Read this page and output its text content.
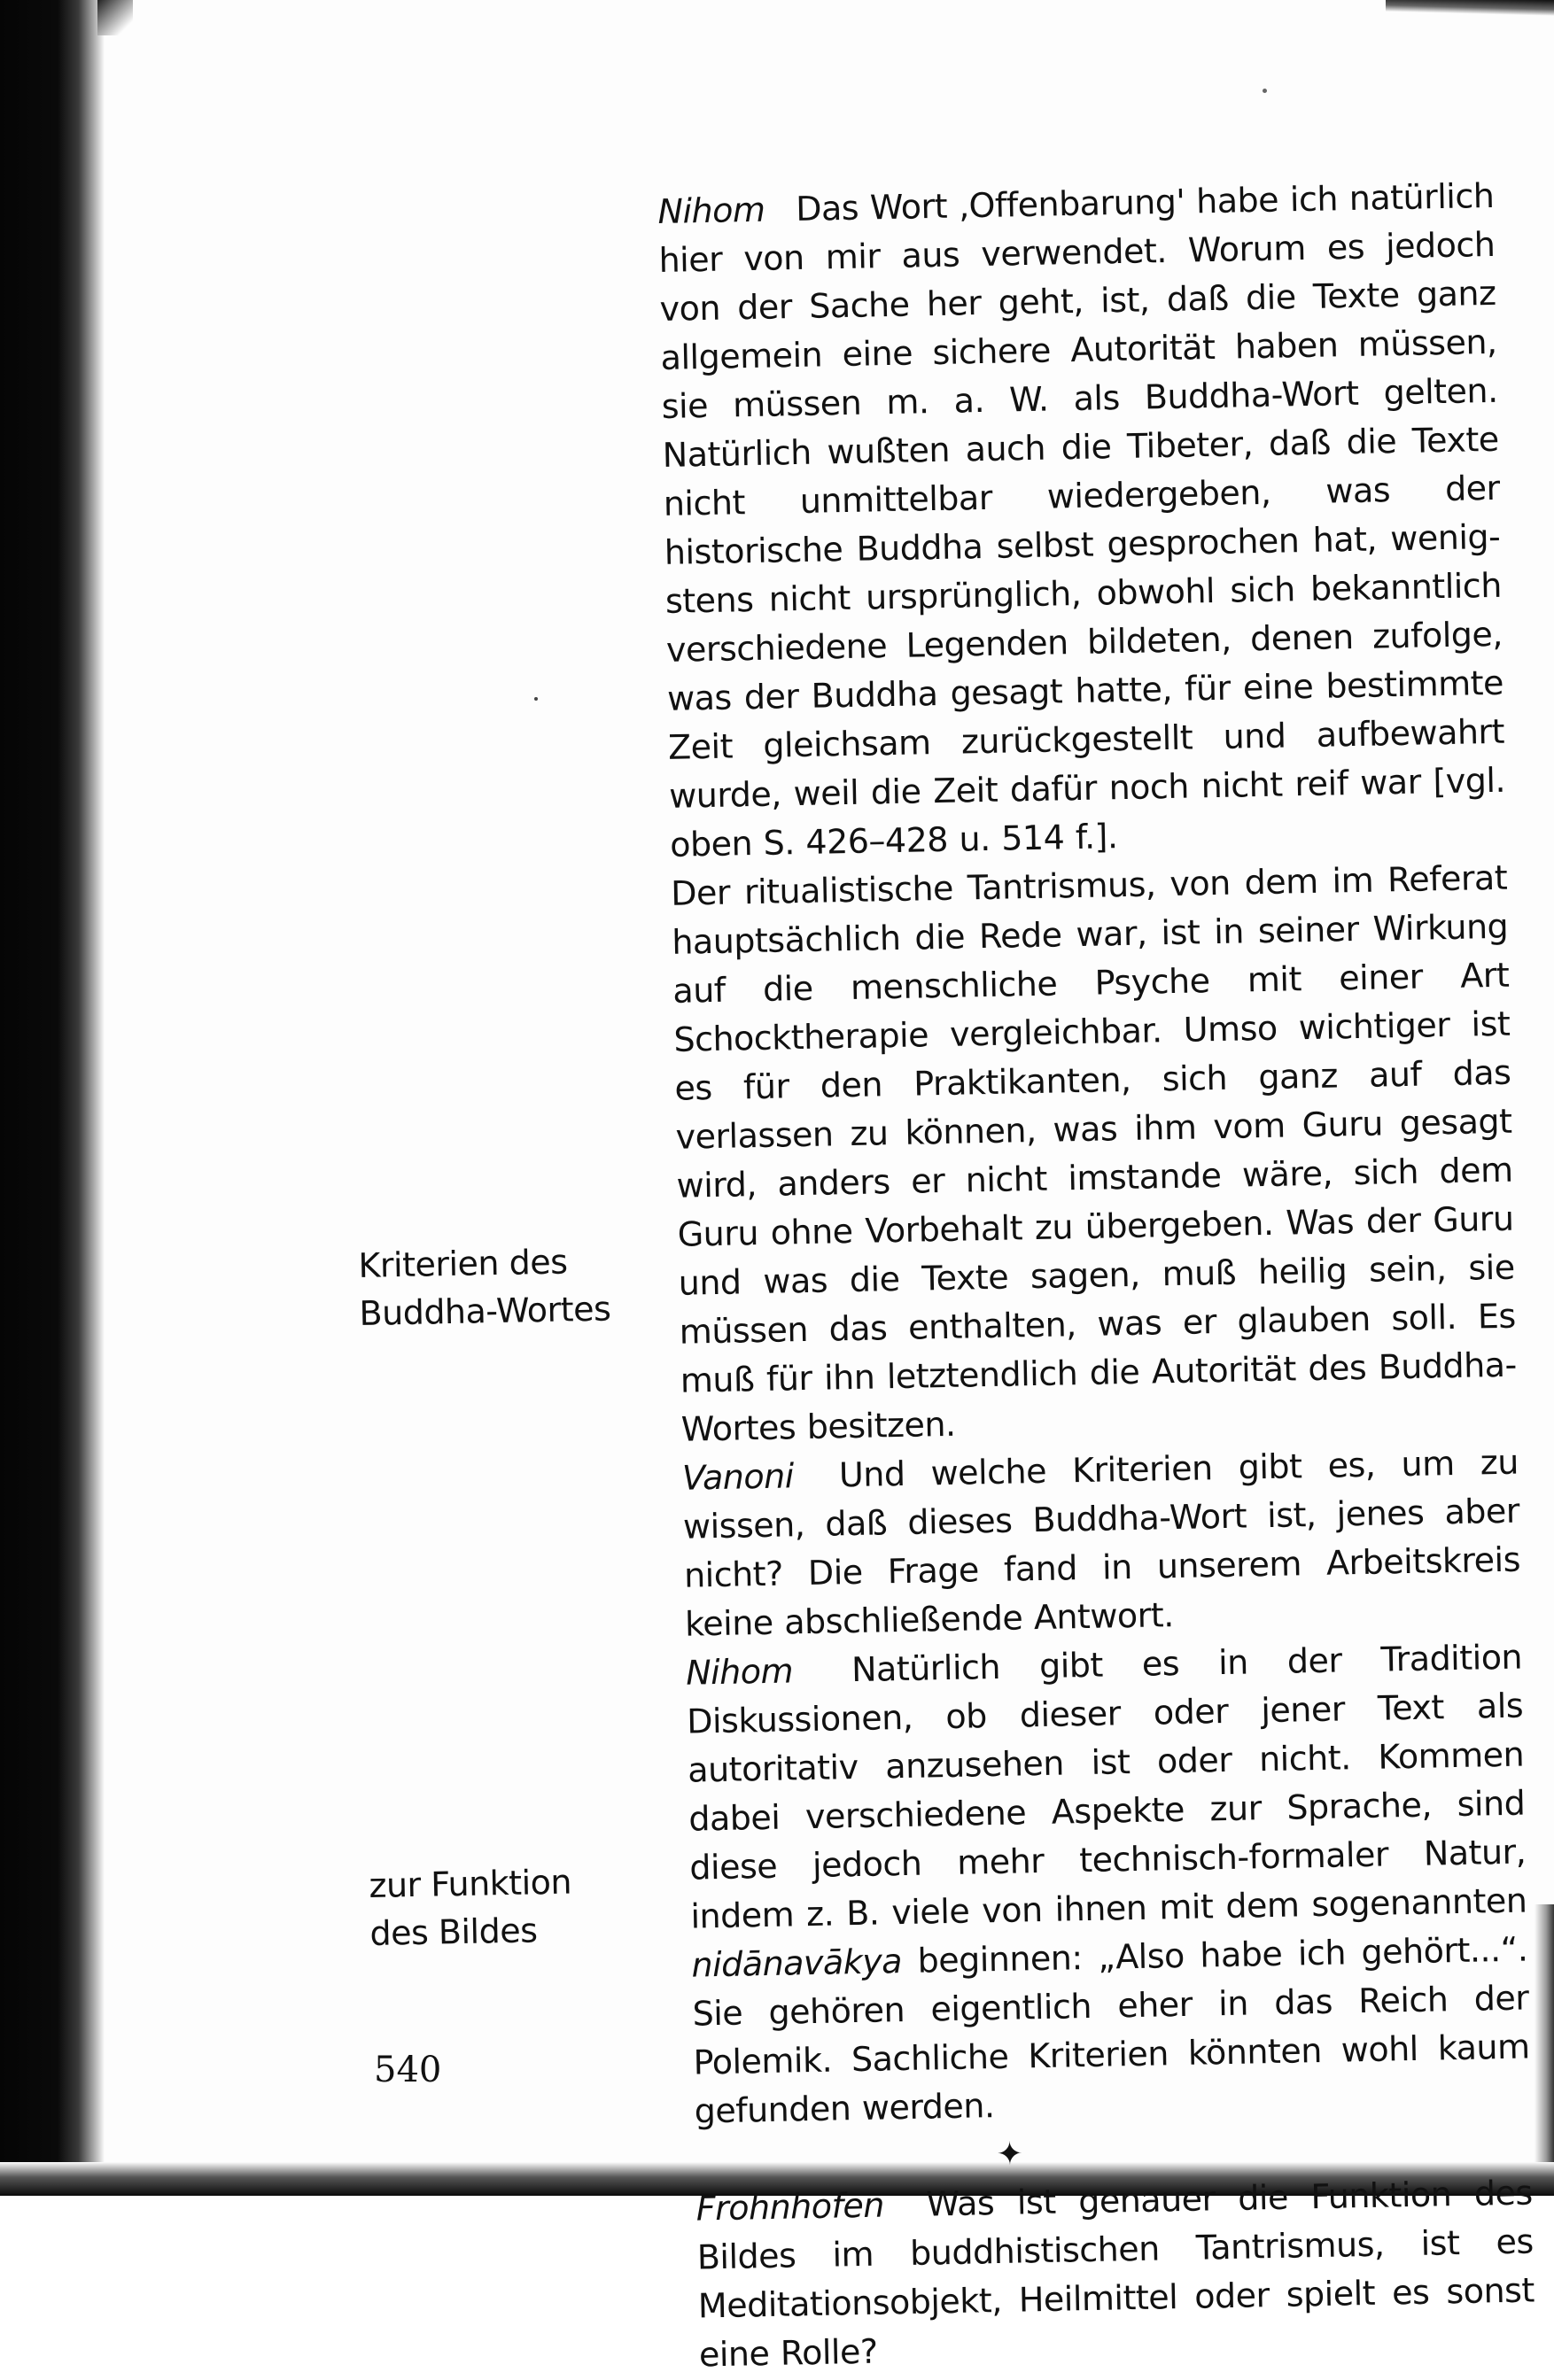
Nihom Das Wort ‚Offenbarung' habe ich natürlich hier von mir aus verwendet. Worum es jedoch von der Sache her geht, ist, daß die Texte ganz allgemein eine sichere Autorität haben müssen, sie müssen m. a. W. als Buddha-Wort gelten. Natürlich wußten auch die Tibeter, daß die Texte nicht unmittelbar wiedergeben, was der historische Buddha selbst gesprochen hat, wenigstens nicht ursprünglich, obwohl sich bekanntlich verschiedene Legenden bildeten, denen zufolge, was der Buddha gesagt hatte, für eine bestimmte Zeit gleichsam zurückgestellt und aufbewahrt wurde, weil die Zeit dafür noch nicht reif war [vgl. oben S. 426–428 u. 514 f.].

Der ritualistische Tantrismus, von dem im Referat hauptsächlich die Rede war, ist in seiner Wirkung auf die menschliche Psyche mit einer Art Schocktherapie vergleichbar. Umso wichtiger ist es für den Praktikanten, sich ganz auf das verlassen zu können, was ihm vom Guru gesagt wird, anders er nicht imstande wäre, sich dem Guru ohne Vorbehalt zu übergeben. Was der Guru und was die Texte sagen, muß heilig sein, sie müssen das enthalten, was er glauben soll. Es muß für ihn letztendlich die Autorität des Buddha-Wortes besitzen.

Vanoni Und welche Kriterien gibt es, um zu wissen, daß dieses Buddha-Wort ist, jenes aber nicht? Die Frage fand in unserem Arbeitskreis keine abschließende Antwort.

Nihom Natürlich gibt es in der Tradition Diskussionen, ob dieser oder jener Text als autoritativ anzusehen ist oder nicht. Kommen dabei verschiedene Aspekte zur Sprache, sind diese jedoch mehr technisch-formaler Natur, indem z. B. viele von ihnen mit dem sogenannten nidānavākya beginnen: „Also habe ich gehört...“. Sie gehören eigentlich eher in das Reich der Polemik. Sachliche Kriterien könnten wohl kaum gefunden werden.

✦

Frohnhofen Was ist genauer die Funktion des Bildes im buddhistischen Tantrismus, ist es Meditationsobjekt, Heilmittel oder spielt es sonst eine Rolle?

Kriterien des
Buddha-Wortes
zur Funktion
des Bildes
540
